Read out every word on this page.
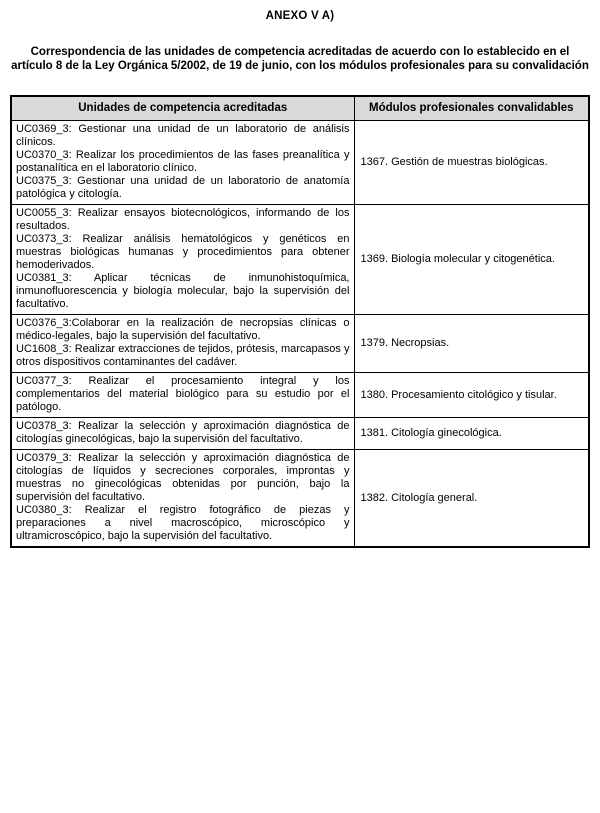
ANEXO V A)
Correspondencia de las unidades de competencia acreditadas de acuerdo con lo establecido en el artículo 8 de la Ley Orgánica 5/2002, de 19 de junio, con los módulos profesionales para su convalidación
Unidades de competencia acreditadas	Módulos profesionales convalidables

UC0369_3: Gestionar una unidad de un laboratorio de análisis clínicos.
UC0370_3: Realizar los procedimientos de las fases preanalítica y postanalítica en el laboratorio clínico.
UC0375_3: Gestionar una unidad de un laboratorio de anatomía patológica y citología.	1367. Gestión de muestras biológicas.

UC0055_3: Realizar ensayos biotecnológicos, informando de los resultados.
UC0373_3: Realizar análisis hematológicos y genéticos en muestras biológicas humanas y procedimientos para obtener hemoderivados.
UC0381_3: Aplicar técnicas de inmunohistoquímica, inmunofluorescencia y biología molecular, bajo la supervisión del facultativo.	1369. Biología molecular y citogenética.

UC0376_3:Colaborar en la realización de necropsias clínicas o médico-legales, bajo la supervisión del facultativo.
UC1608_3: Realizar extracciones de tejidos, prótesis, marcapasos y otros dispositivos contaminantes del cadáver.	1379. Necropsias.

UC0377_3: Realizar el procesamiento integral y los complementarios del material biológico para su estudio por el patólogo.	1380. Procesamiento citológico y tisular.

UC0378_3: Realizar la selección y aproximación diagnóstica de citologías ginecológicas, bajo la supervisión del facultativo.	1381. Citología ginecológica.

UC0379_3: Realizar la selección y aproximación diagnóstica de citologías de líquidos y secreciones corporales, improntas y muestras no ginecológicas obtenidas por punción, bajo la supervisión del facultativo.
UC0380_3: Realizar el registro fotográfico de piezas y preparaciones a nivel macroscópico, microscópico y ultramicroscópico, bajo la supervisión del facultativo.	1382. Citología general.
